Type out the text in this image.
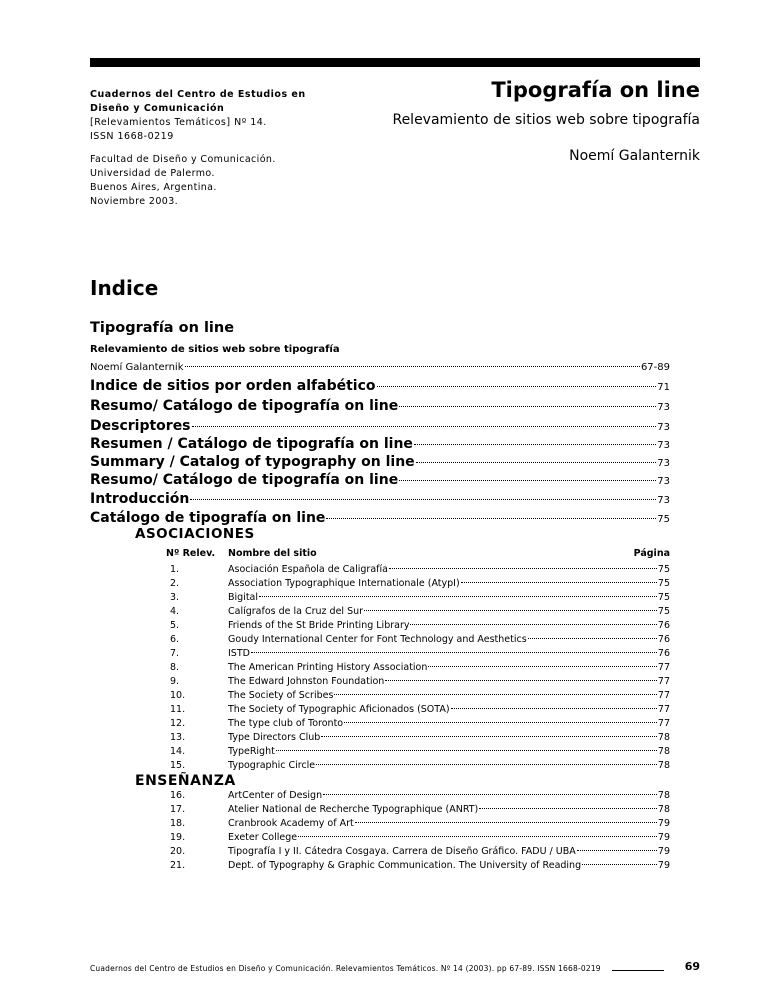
Cuadernos del Centro de Estudios en
Diseño y Comunicación
[Relevamientos Temáticos] Nº 14.
ISSN 1668-0219
Facultad de Diseño y Comunicación.
Universidad de Palermo.
Buenos Aires, Argentina.
Noviembre 2003.
Tipografía on line
Relevamiento de sitios web sobre tipografía
Noemí Galanternik
Indice
Tipografía on line
Relevamiento de sitios web sobre tipografía
Noemí Galanternik	67-89
Indice de sitios por orden alfabético	71
Resumo/ Catálogo de tipografía on line	73
Descriptores	73
Resumen / Catálogo de tipografía on line	73
Summary / Catalog of typography on line	73
Resumo/ Catálogo de tipografía on line	73
Introducción	73
Catálogo de tipografía on line	75
ASOCIACIONES
Nº Relev. Nombre del sitio	Página
1.	Asociación Española de Caligrafía	75
2.	Association Typographique Internationale (AtypI)	75
3.	Bigital	75
4.	Calígrafos de la Cruz del Sur	75
5.	Friends of the St Bride Printing Library	76
6.	Goudy International Center for Font Technology and Aesthetics	76
7.	ISTD	76
8.	The American Printing History Association	77
9.	The Edward Johnston Foundation	77
10.	The Society of Scribes	77
11.	The Society of Typographic Aficionados (SOTA)	77
12.	The type club of Toronto	77
13.	Type Directors Club	78
14.	TypeRight	78
15.	Typographic Circle	78
ENSEÑANZA
16.	ArtCenter of Design	78
17.	Atelier National de Recherche Typographique (ANRT)	78
18.	Cranbrook Academy of Art	79
19.	Exeter College	79
20.	Tipografía I y II. Cátedra Cosgaya. Carrera de Diseño Gráfico. FADU / UBA	79
21.	Dept. of Typography & Graphic Communication. The University of Reading	79
Cuadernos del Centro de Estudios en Diseño y Comunicación. Relevamientos Temáticos. Nº 14 (2003). pp 67-89. ISSN 1668-0219	69
